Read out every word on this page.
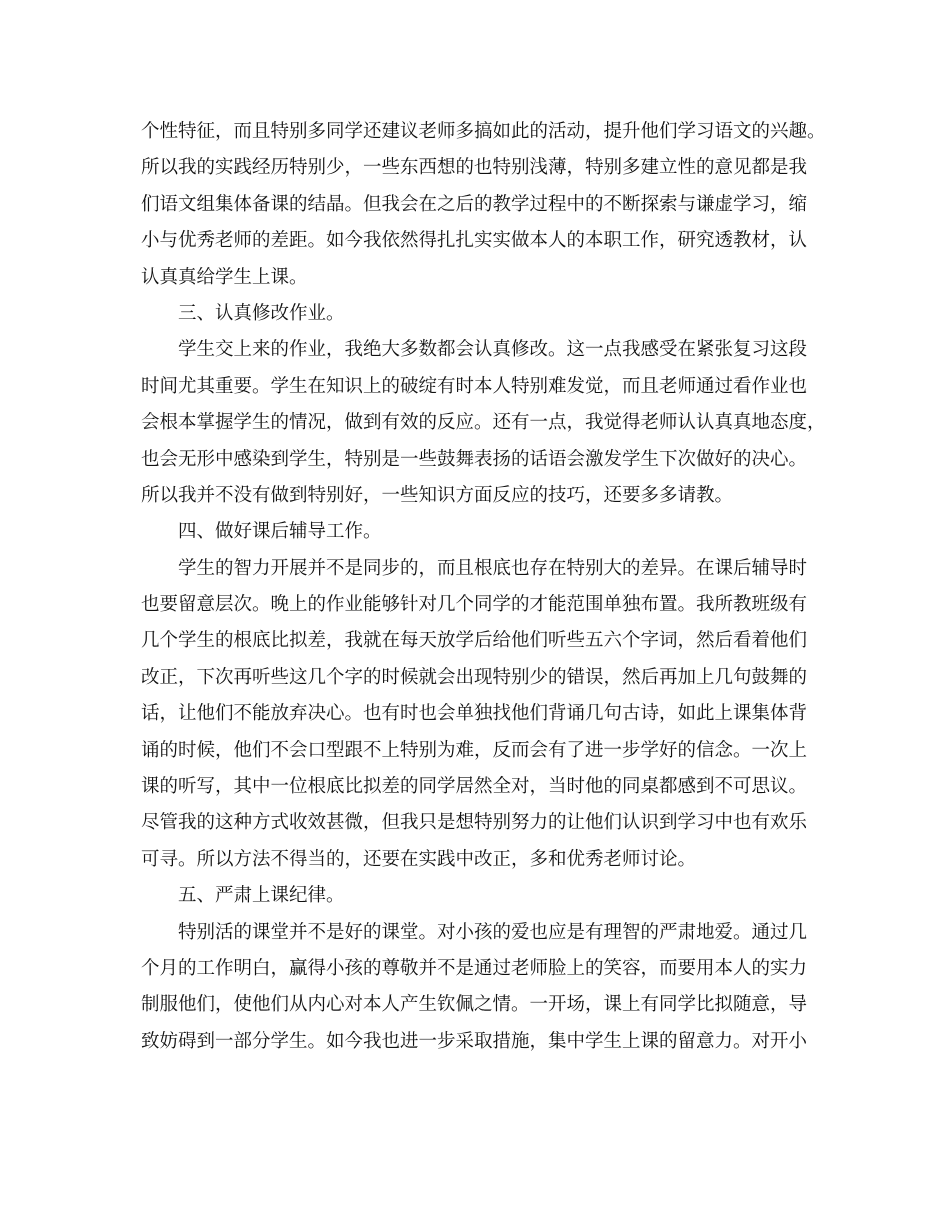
个性特征，而且特别多同学还建议老师多搞如此的活动，提升他们学习语文的兴趣。
所以我的实践经历特别少，一些东西想的也特别浅薄，特别多建立性的意见都是我
们语文组集体备课的结晶。但我会在之后的教学过程中的不断探索与谦虚学习，缩
小与优秀老师的差距。如今我依然得扎扎实实做本人的本职工作，研究透教材，认
认真真给学生上课。
三、认真修改作业。
学生交上来的作业，我绝大多数都会认真修改。这一点我感受在紧张复习这段
时间尤其重要。学生在知识上的破绽有时本人特别难发觉，而且老师通过看作业也
会根本掌握学生的情况，做到有效的反应。还有一点，我觉得老师认认真真地态度，
也会无形中感染到学生，特别是一些鼓舞表扬的话语会激发学生下次做好的决心。
所以我并不没有做到特别好，一些知识方面反应的技巧，还要多多请教。
四、做好课后辅导工作。
学生的智力开展并不是同步的，而且根底也存在特别大的差异。在课后辅导时
也要留意层次。晚上的作业能够针对几个同学的才能范围单独布置。我所教班级有
几个学生的根底比拟差，我就在每天放学后给他们听些五六个字词，然后看着他们
改正，下次再听些这几个字的时候就会出现特别少的错误，然后再加上几句鼓舞的
话，让他们不能放弃决心。也有时也会单独找他们背诵几句古诗，如此上课集体背
诵的时候，他们不会口型跟不上特别为难，反而会有了进一步学好的信念。一次上
课的听写，其中一位根底比拟差的同学居然全对，当时他的同桌都感到不可思议。
尽管我的这种方式收效甚微，但我只是想特别努力的让他们认识到学习中也有欢乐
可寻。所以方法不得当的，还要在实践中改正，多和优秀老师讨论。
五、严肃上课纪律。
特别活的课堂并不是好的课堂。对小孩的爱也应是有理智的严肃地爱。通过几
个月的工作明白，赢得小孩的尊敬并不是通过老师脸上的笑容，而要用本人的实力
制服他们，使他们从内心对本人产生钦佩之情。一开场，课上有同学比拟随意，导
致妨碍到一部分学生。如今我也进一步采取措施，集中学生上课的留意力。对开小
